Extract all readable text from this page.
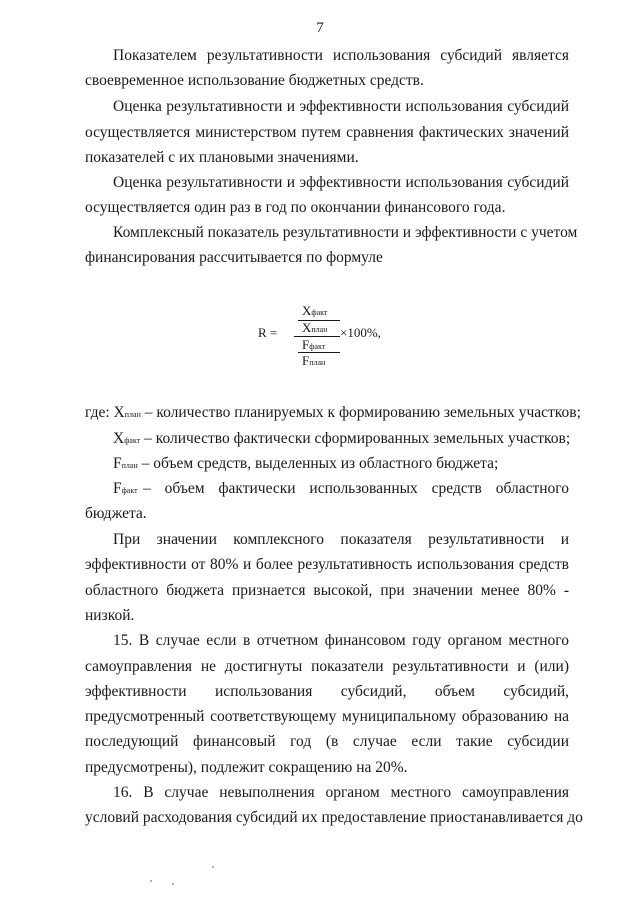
7
Показателем результативности использования субсидий является
своевременное использование бюджетных средств.
Оценка результативности и эффективности использования субсидий
осуществляется министерством путем сравнения фактических значений
показателей с их плановыми значениями.
Оценка результативности и эффективности использования субсидий
осуществляется один раз в год по окончании финансового года.
Комплексный показатель результативности и эффективности с учетом
финансирования рассчитывается по формуле
Хфакт
Хплан
R =	×100%,
Fфакт
Fплан
где: Хплан – количество планируемых к формированию земельных участков;
Хфакт – количество фактически сформированных земельных участков;
Fплан – объем средств, выделенных из областного бюджета;
Fфакт – объем фактически использованных средств областного
бюджета.
При значении комплексного показателя результативности и
эффективности от 80% и более результативность использования средств
областного бюджета признается высокой, при значении менее 80% -
низкой.
15. В случае если в отчетном финансовом году органом местного
самоуправления не достигнуты показатели результативности и (или)
эффективности использования субсидий, объем субсидий,
предусмотренный соответствующему муниципальному образованию на
последующий финансовый год (в случае если такие субсидии
предусмотрены), подлежит сокращению на 20%.
16. В случае невыполнения органом местного самоуправления
условий расходования субсидий их предоставление приостанавливается до
